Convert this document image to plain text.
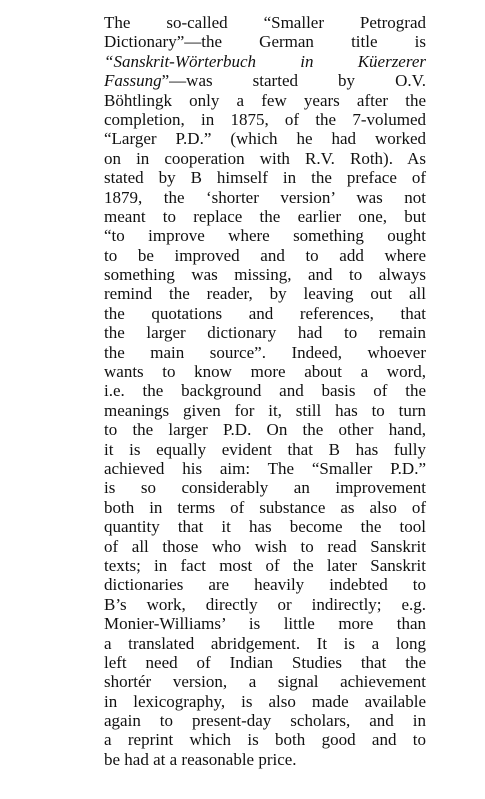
The so-called “Smaller Petrograd
Dictionary”—the German title is
“Sanskrit-Wörterbuch in Küerzerer
Fassung”—was started by O.V.
Böhtlingk only a few years after the
completion, in 1875, of the 7-volumed
“Larger P.D.” (which he had worked
on in cooperation with R.V. Roth). As
stated by B himself in the preface of
1879, the ‘shorter version’ was not
meant to replace the earlier one, but
“to improve where something ought
to be improved and to add where
something was missing, and to always
remind the reader, by leaving out all
the quotations and references, that
the larger dictionary had to remain
the main source”. Indeed, whoever
wants to know more about a word,
i.e. the background and basis of the
meanings given for it, still has to turn
to the larger P.D. On the other hand,
it is equally evident that B has fully
achieved his aim: The “Smaller P.D.”
is so considerably an improvement
both in terms of substance as also of
quantity that it has become the tool
of all those who wish to read Sanskrit
texts; in fact most of the later Sanskrit
dictionaries are heavily indebted to
B’s work, directly or indirectly; e.g.
Monier-Williams’ is little more than
a translated abridgement. It is a long
left need of Indian Studies that the
shortér version, a signal achievement
in lexicography, is also made available
again to present-day scholars, and in
a reprint which is both good and to
be had at a reasonable price.
